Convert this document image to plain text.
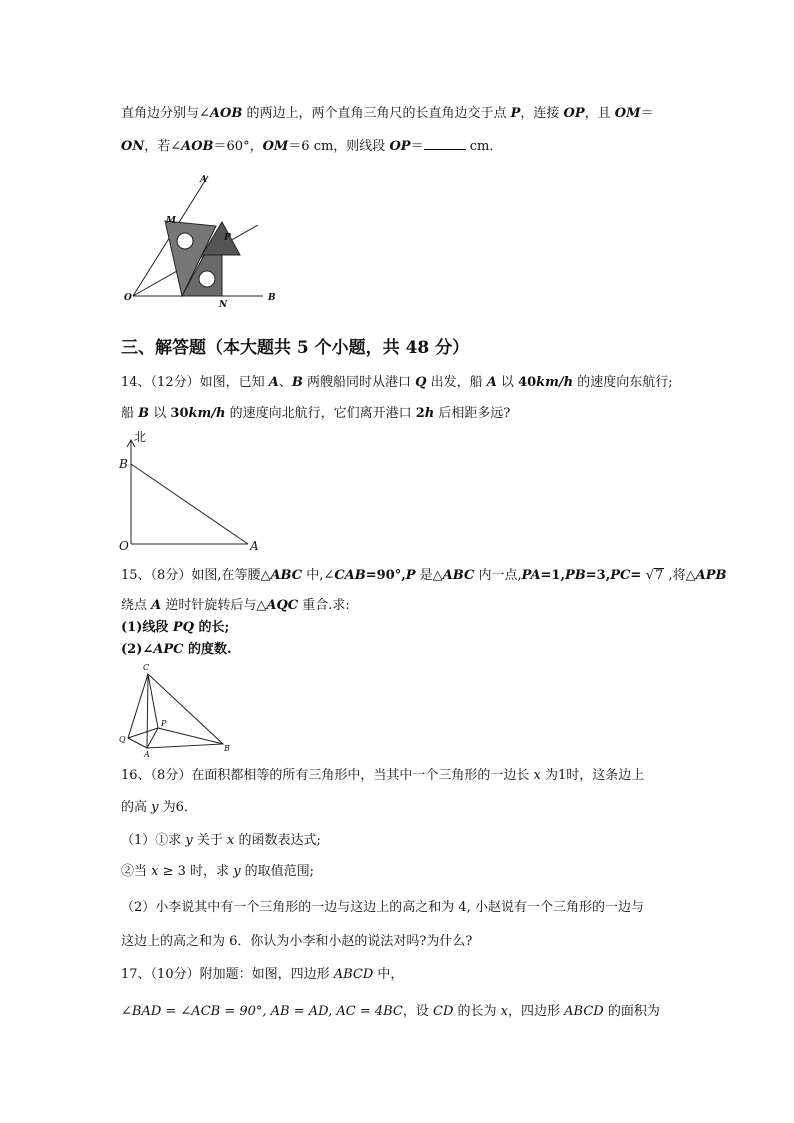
直角边分别与∠AOB 的两边上，两个直角三角尺的长直角边交于点 P，连接 OP，且 OM＝
ON，若∠AOB＝60°，OM＝6 cm，则线段 OP＝	cm．
A
M
P
O
N
B
三、解答题（本大题共 5 个小题，共 48 分）
14、（12分）如图，已知 A、B 两艘船同时从港口 Q 出发，船 A 以 40km/h 的速度向东航行;
船 B 以 30km/h 的速度向北航行，它们离开港口 2h 后相距多远?
北
B
O	A
15、（8分）如图,在等腰△ABC 中,∠CAB=90°,P 是△ABC 内一点,PA=1,PB=3,PC= √7 ,将△APB
绕点 A 逆时针旋转后与△AQC 重合.求:
(1)线段 PQ 的长;
(2)∠APC 的度数.
C
P
Q
A
B
16、（8分）在面积都相等的所有三角形中，当其中一个三角形的一边长 x 为1时，这条边上
的高 y 为6．
（1）①求 y 关于 x 的函数表达式;
②当 x ≥ 3 时，求 y 的取值范围;
（2）小李说其中有一个三角形的一边与这边上的高之和为 4, 小赵说有一个三角形的一边与
这边上的高之和为 6．你认为小李和小赵的说法对吗?为什么?
17、（10分）附加题：如图，四边形 ABCD 中，
∠BAD = ∠ACB = 90°, AB = AD, AC = 4BC，设 CD 的长为 x，四边形 ABCD 的面积为
